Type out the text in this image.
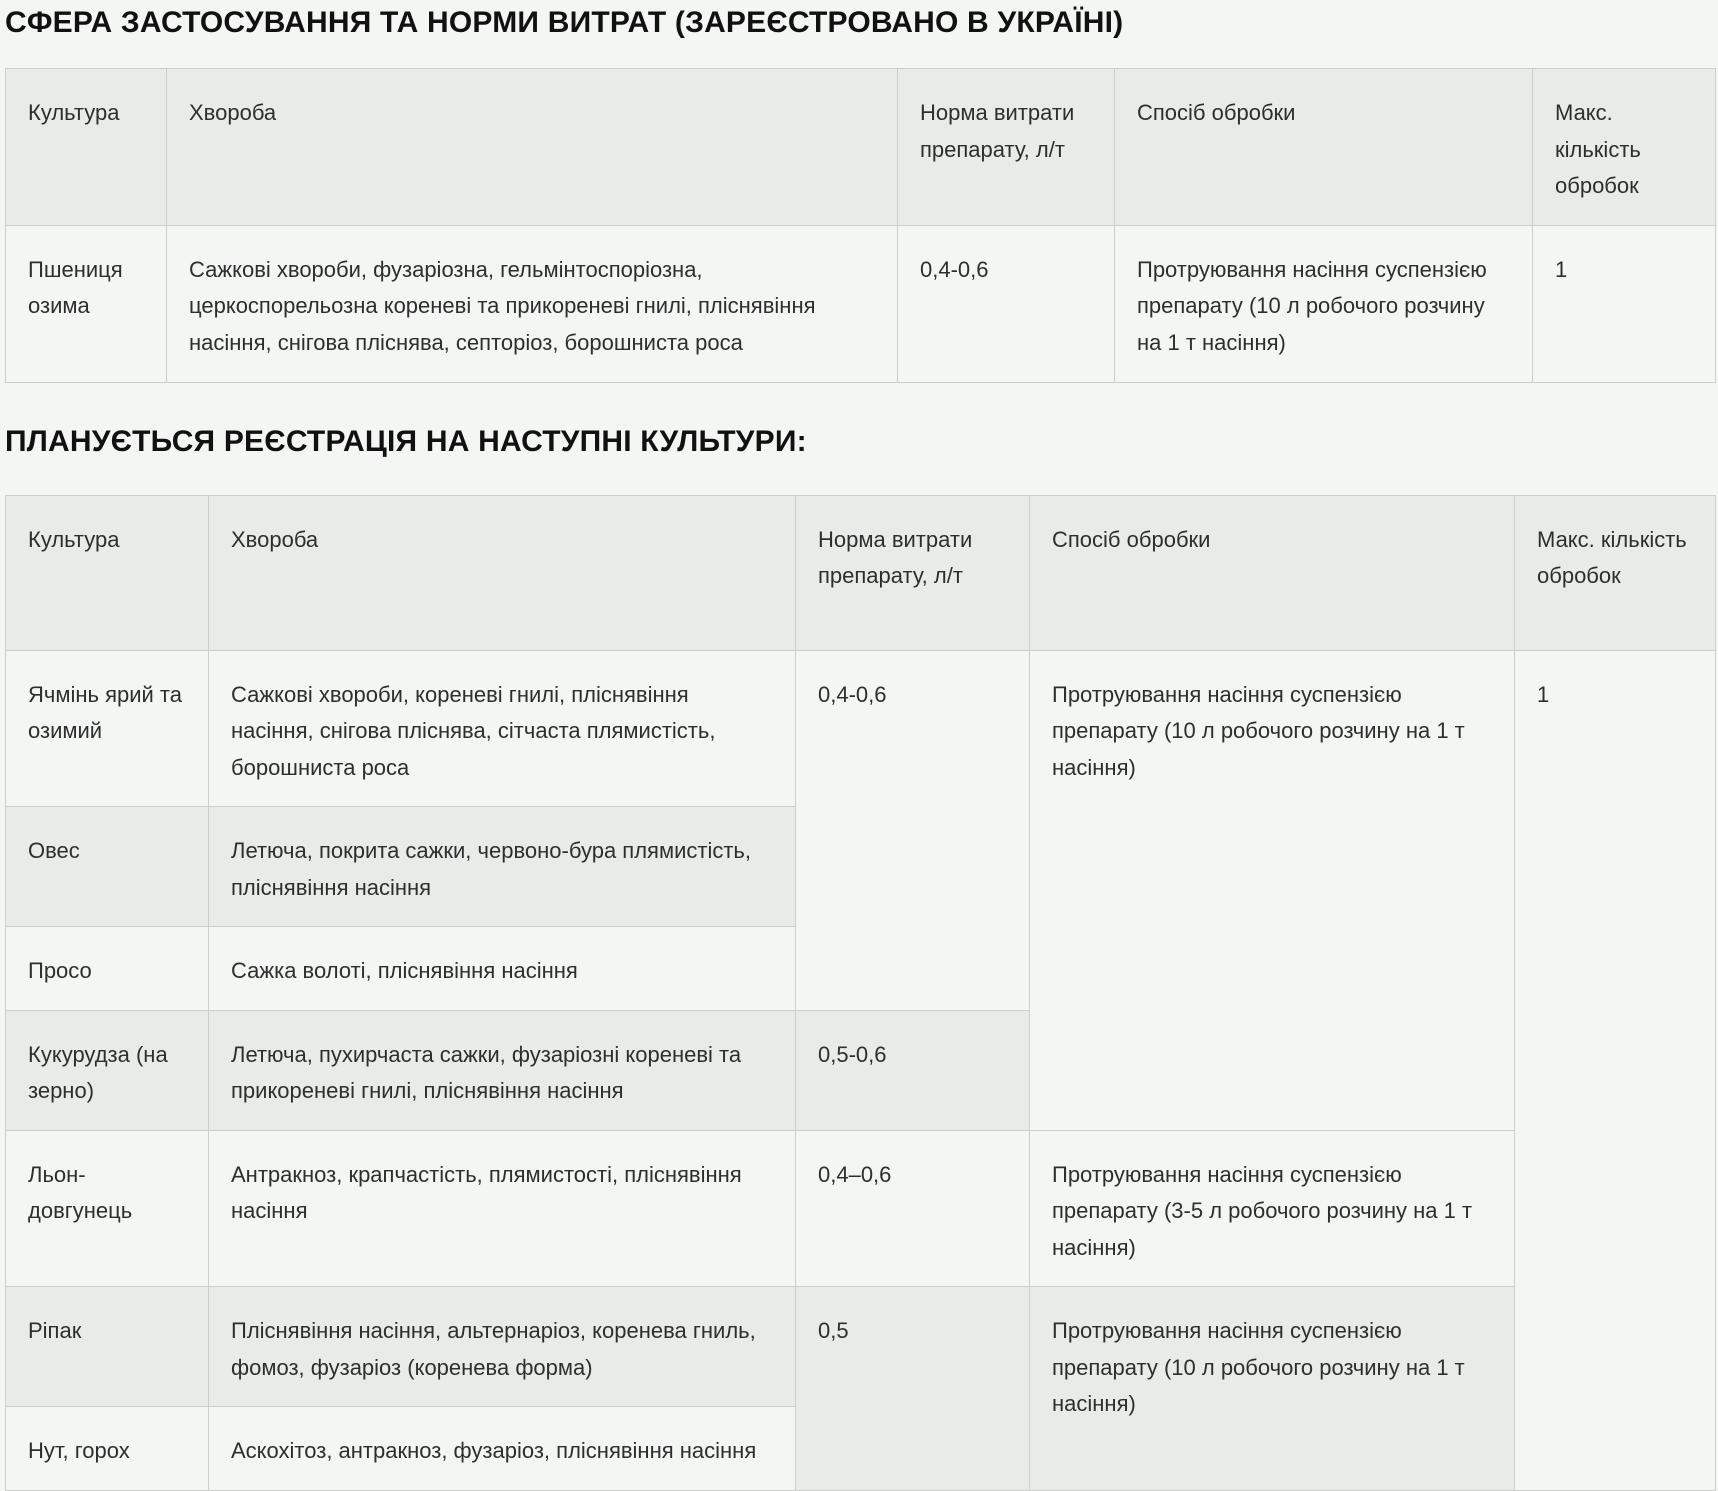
СФЕРА ЗАСТОСУВАННЯ ТА НОРМИ ВИТРАТ (ЗАРЕЄСТРОВАНО В УКРАЇНІ)
Культура	Хвороба	Норма витрати препарату, л/т	Спосіб обробки	Макс. кількість обробок
Пшениця озима	Сажкові хвороби, фузаріозна, гельмінтоспоріозна, церкоспорельозна кореневі та прикореневі гнилі, пліснявіння насіння, снігова пліснява, септоріоз, борошниста роса	0,4-0,6	Протруювання насіння суспензією препарату (10 л робочого розчину на 1 т насіння)	1
ПЛАНУЄТЬСЯ РЕЄСТРАЦІЯ НА НАСТУПНІ КУЛЬТУРИ:
Культура	Хвороба	Норма витрати препарату, л/т	Спосіб обробки	Макс. кількість обробок
Ячмінь ярий та озимий	Сажкові хвороби, кореневі гнилі, пліснявіння насіння, снігова пліснява, сітчаста плямистість, борошниста роса	0,4-0,6	Протруювання насіння суспензією препарату (10 л робочого розчину на 1 т насіння)	1
Овес	Летюча, покрита сажки, червоно-бура плямистість, пліснявіння насіння			
Просо	Сажка волоті, пліснявіння насіння			
Кукурудза (на зерно)	Летюча, пухирчаста сажки, фузаріозні кореневі та прикореневі гнилі, пліснявіння насіння	0,5-0,6		
Льон-довгунець	Антракноз, крапчастість, плямистості, пліснявіння насіння	0,4–0,6	Протруювання насіння суспензією препарату (3-5 л робочого розчину на 1 т насіння)	
Ріпак	Пліснявіння насіння, альтернаріоз, коренева гниль, фомоз, фузаріоз (коренева форма)	0,5	Протруювання насіння суспензією препарату (10 л робочого розчину на 1 т насіння)	
Нут, горох	Аскохітоз, антракноз, фузаріоз, пліснявіння насіння			
